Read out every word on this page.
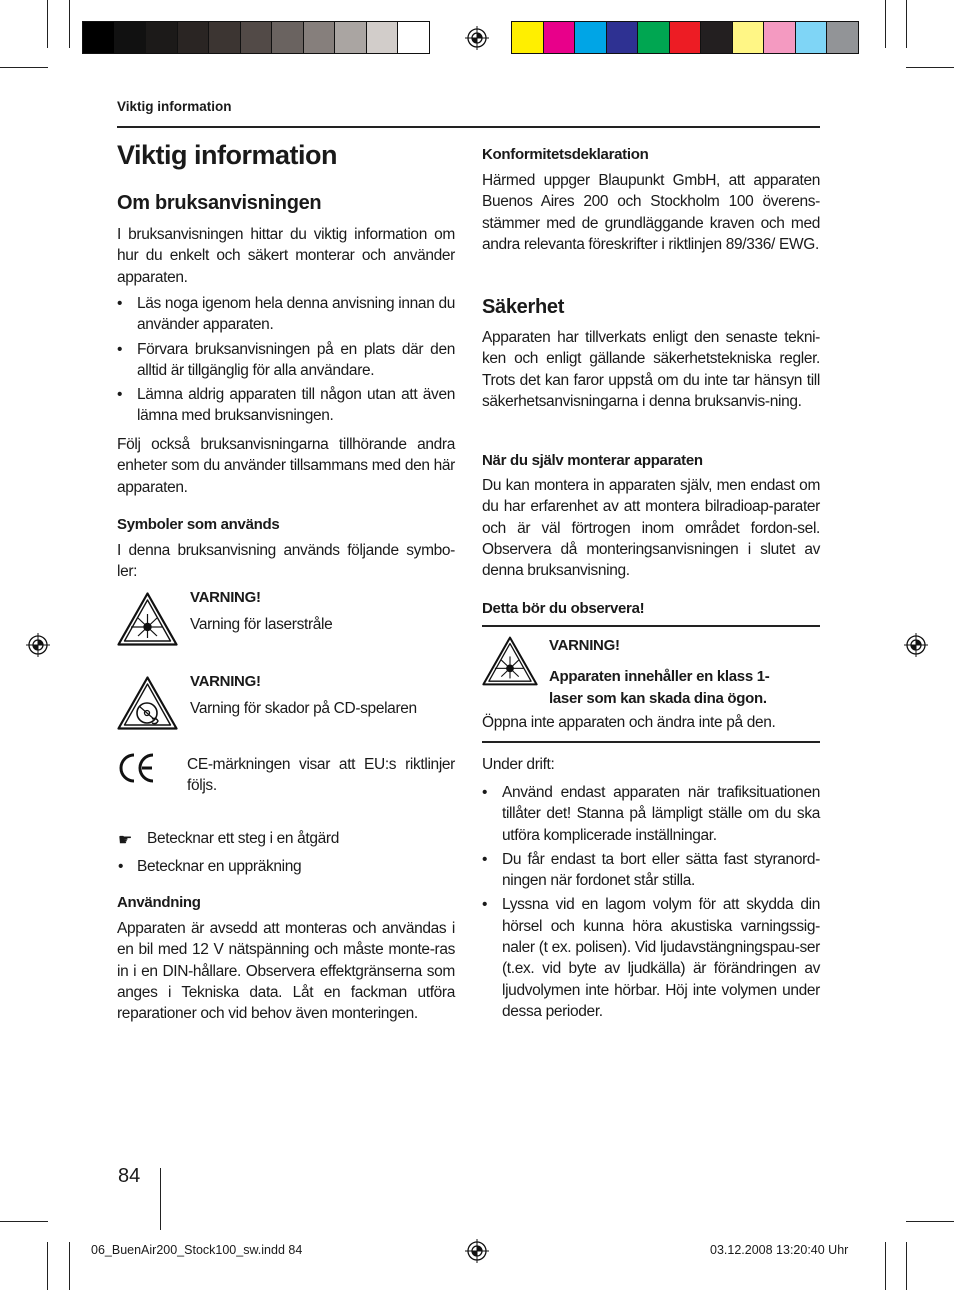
Viktig information
Viktig information
Om bruksanvisningen

I bruksanvisningen hittar du viktig information om hur du enkelt och säkert monterar och använder apparaten.

• Läs noga igenom hela denna anvisning innan du använder apparaten.
• Förvara bruksanvisningen på en plats där den alltid är tillgänglig för alla användare.
• Lämna aldrig apparaten till någon utan att även lämna med bruksanvisningen.

Följ också bruksanvisningarna tillhörande andra enheter som du använder tillsammans med den här apparaten.

Symboler som används

I denna bruksanvisning används följande symbo-ler:

VARNING!
Varning för laserstråle
VARNING!
Varning för skador på CD-spelaren

CE-märkningen visar att EU:s riktlinjer följs.

☛ Betecknar ett steg i en åtgärd
• Betecknar en uppräkning
Användning

Apparaten är avsedd att monteras och användas i en bil med 12 V nätspänning och måste monte-ras in i en DIN-hållare. Observera effektgränserna som anges i Tekniska data. Låt en fackman utföra reparationer och vid behov även monteringen.

Konformitetsdeklaration

Härmed uppger Blaupunkt GmbH, att apparaten Buenos Aires 200 och Stockholm 100 överens-stämmer med de grundläggande kraven och med andra relevanta föreskrifter i riktlinjen 89/336/ EWG.

Säkerhet

Apparaten har tillverkats enligt den senaste tekni-ken och enligt gällande säkerhetstekniska regler. Trots det kan faror uppstå om du inte tar hänsyn till säkerhetsanvisningarna i denna bruksanvis-ning.

När du själv monterar apparaten

Du kan montera in apparaten själv, men endast om du har erfarenhet av att montera bilradioap-parater och är väl förtrogen inom området fordon-sel. Observera då monteringsanvisningen i slutet av denna bruksanvisning.

Detta bör du observera!
VARNING!
Apparaten innehåller en klass 1-laser som kan skada dina ögon.
Öppna inte apparaten och ändra inte på den.
Under drift:
• Använd endast apparaten när trafiksituationen tillåter det! Stanna på lämpligt ställe om du ska utföra komplicerade inställningar.
• Du får endast ta bort eller sätta fast styranord-ningen när fordonet står stilla.
• Lyssna vid en lagom volym för att skydda din hörsel och kunna höra akustiska varningssig-naler (t ex. polisen). Vid ljudavstängningspau-ser (t.ex. vid byte av ljudkälla) är förändringen av ljudvolymen inte hörbar. Höj inte volymen under dessa perioder.
84
06_BuenAir200_Stock100_sw.indd 84	03.12.2008 13:20:40 Uhr
